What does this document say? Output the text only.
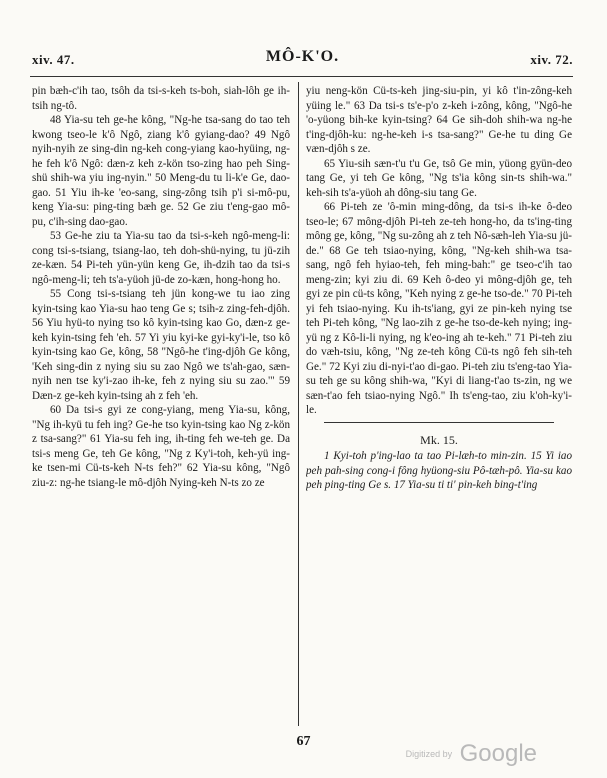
xiv. 47.	MÔ-K'O.	xiv. 72.

pin bæh-c'ih tao, tsôh da tsi-s-keh ts-boh, siah-lôh ge ih-tsih ng-tô.

48 Yia-su teh ge-he kông, "Ng-he tsa-sang do tao teh kwong tseo-le k'ô Ngô, ziang k'ô gyiang-dao? 49 Ngô nyih-nyih ze sing-din ng-keh cong-yiang kao-hyüing, ng-he feh k'ô Ngô: dæn-z keh z-kön tso-zing hao peh Sing-shü shih-wa yiu ing-nyin." 50 Meng-du tu li-k'e Ge, dao-gao. 51 Yiu ih-ke 'eo-sang, sing-zông tsih p'i si-mô-pu, keng Yia-su: ping-ting bæh ge. 52 Ge ziu t'eng-gao mô-pu, c'ih-sing dao-gao.

53 Ge-he ziu ta Yia-su tao da tsi-s-keh ngô-meng-li: cong tsi-s-tsiang, tsiang-lao, teh doh-shü-nying, tu jü-zih ze-kæn. 54 Pi-teh yün-yün keng Ge, ih-dzih tao da tsi-s ngô-meng-li; teh ts'a-yüoh jü-de zo-kæn, hong-hong ho.

55 Cong tsi-s-tsiang teh jün kong-we tu iao zing kyin-tsing kao Yia-su hao teng Ge s; tsih-z zing-feh-djôh. 56 Yiu hyü-to nying tso kô kyin-tsing kao Go, dæn-z ge-keh kyin-tsing feh 'eh. 57 Yi yiu kyi-ke gyi-ky'i-le, tso kô kyin-tsing kao Ge, kông, 58 "Ngô-he t'ing-djôh Ge kông, 'Keh sing-din z nying siu su zao Ngô we ts'ah-gao, sæn-nyih nen tse ky'i-zao ih-ke, feh z nying siu su zao.'" 59 Dæn-z ge-keh kyin-tsing ah z feh 'eh.

60 Da tsi-s gyi ze cong-yiang, meng Yia-su, kông, "Ng ih-kyü tu feh ing? Ge-he tso kyin-tsing kao Ng z-kön z tsa-sang?" 61 Yia-su feh ing, ih-ting feh we-teh ge. Da tsi-s meng Ge, teh Ge kông, "Ng z Ky'i-toh, keh-yü ing-ke tsen-mi Cü-ts-keh N-ts feh?" 62 Yia-su kông, "Ngô ziu-z: ng-he tsiang-le mô-djôh Nying-keh N-ts zo ze

yiu neng-kön Cü-ts-keh jing-siu-pin, yi kô t'in-zông-keh yüing le." 63 Da tsi-s ts'e-p'o z-keh i-zông, kông, "Ngô-he 'o-yüong bih-ke kyin-tsing? 64 Ge sih-doh shih-wa ng-he t'ing-djôh-ku: ng-he-keh i-s tsa-sang?" Ge-he tu ding Ge væn-djôh s ze.

65 Yiu-sih sæn-t'u t'u Ge, tsô Ge min, yüong gyün-deo tang Ge, yi teh Ge kông, "Ng ts'ia kông sin-ts shih-wa." keh-sih ts'a-yüoh ah dông-siu tang Ge.

66 Pi-teh ze 'ô-min ming-dông, da tsi-s ih-ke ô-deo tseo-le; 67 mông-djôh Pi-teh ze-teh hong-ho, da ts'ing-ting mông ge, kông, "Ng su-zông ah z teh Nô-sæh-leh Yia-su jü-de." 68 Ge teh tsiao-nying, kông, "Ng-keh shih-wa tsa-sang, ngô feh hyiao-teh, feh ming-bah:" ge tseo-c'ih tao meng-zin; kyi ziu di. 69 Keh ô-deo yi mông-djôh ge, teh gyi ze pin cü-ts kông, "Keh nying z ge-he tso-de." 70 Pi-teh yi feh tsiao-nying. Ku ih-ts'iang, gyi ze pin-keh nying tse teh Pi-teh kông, "Ng lao-zih z ge-he tso-de-keh nying; ing-yü ng z Kô-li-li nying, ng k'eo-ing ah te-keh." 71 Pi-teh ziu do væh-tsiu, kông, "Ng ze-teh kông Cü-ts ngô feh sih-teh Ge." 72 Kyi ziu di-nyi-t'ao di-gao. Pi-teh ziu ts'eng-tao Yia-su teh ge su kông shih-wa, "Kyi di liang-t'ao ts-zin, ng we sæn-t'ao feh tsiao-nying Ngô." Ih ts'eng-tao, ziu k'oh-ky'i-le.

Mk. 15.

1 Kyi-toh p'ing-lao ta tao Pi-læh-to min-zin. 15 Yi iao peh pah-sing cong-i fông hyüong-siu Pô-tæh-pô. Yia-su kao peh ping-ting Ge s. 17 Yia-su ti ti' pin-keh bing-t'ing

67
Digitized by Google
